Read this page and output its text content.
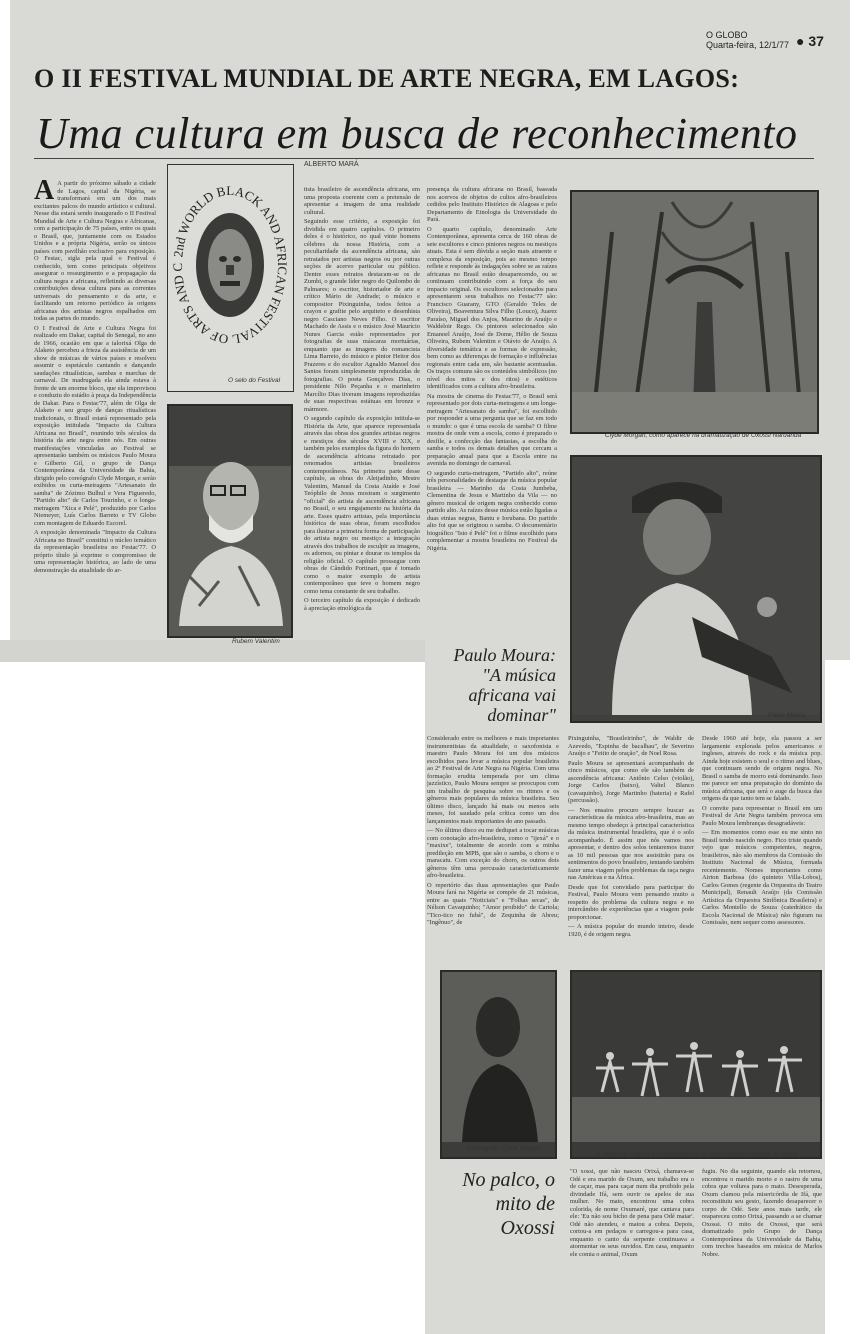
O GLOBO
Quarta-feira, 12/1/77 ● 37
O II FESTIVAL MUNDIAL DE ARTE NEGRA, EM LAGOS:
Uma cultura em busca de reconhecimento
ALBERTO MARÁ

A A partir do próximo sábado a cidade de Lagos, capital da Nigéria, se transformará em um dos mais excitantes palcos do mundo artístico e cultural. Nesse dia estará sendo inaugurado o II Festival Mundial de Arte e Cultura Negras e Africanas, com a participação de 75 países, entre os quais o Brasil, que, juntamente com os Estados Unidos e a própria Nigéria, serão os únicos países com pavilhão exclusivo para exposição. O Festac, sigla pela qual o Festival é conhecido, tem como principais objetivos assegurar o ressurgimento e a propagação da cultura negra e africana, refletindo as diversas contribuições dessa cultura para as correntes universais do pensamento e da arte, e facilitando um retorno periódico às origens africanas dos artistas negros espalhados em todas as partes do mundo.

O I Festival de Arte e Cultura Negra foi realizado em Dakar, capital do Senegal, no ano de 1966, ocasião em que a ialorixá Olga de Alaketo percebeu a frieza da assistência de um show de músicas de vários países e resolveu assumir o espetáculo cantando e dançando saudações ritualísticas, sambas e marchas de carnaval. De madrugada ela ainda estava à frente de um enorme bloco, que ela improvisou e conduziu do estádio à praça da Independência de Dakar. Para o Festac'77, além de Olga de Alaketo e seu grupo de danças ritualísticas tradicionais, o Brasil estará representado pela exposição intitulada "Impacto da Cultura Africana no Brasil", reunindo três séculos da história da arte negra entre nós. Em outras manifestações vinculadas ao Festival se apresentarão também os músicos Paulo Moura e Gilberto Gil, o grupo de Dança Contemporânea da Universidade da Bahia, dirigido pelo coreógrafo Clyde Morgan, e serão exibidos os curta-metragens "Artesanato do samba" de Zózimo Bulbul e Vera Figueredo, "Partido alto" de Carlos Tourinho, e o longa-metragem "Xica e Pelé", produzido por Carlos Niemeyer, Luís Carlos Barreto e TV Globo com montagem de Eduardo Escorel.

A exposição denominada "Impacto da Cultura Africana no Brasil" constitui o núcleo temático da representação brasileira no Festac'77. O próprio título já exprime o compromisso de uma representação histórica, ao lado de uma demonstração da atualidade do ar-

2nd WORLD BLACK AND AFRICAN FESTIVAL OF ARTS AND C
O selo do Festival
Rubem Valentim

tista brasileiro de ascendência africana, em uma proposta coerente com a pretensão de apresentar a imagem de uma realidade cultural.

Seguindo esse critério, a exposição foi dividida em quatro capítulos. O primeiro deles é o histórico, no qual vinte homens célebres da nossa História, com a peculiaridade da ascendência africana, são retratados por artistas negros ou por outras seções de acervo particular ou público. Dentre esses retratos destacam-se os de Zumbi, o grande líder negro do Quilombo de Palmares; o escritor, historiador de arte e crítico Mário de Andrade; o músico e compositor Pixinguinha, todos feitos a crayon e grafite pelo arquiteto e desenhista negro Casciano Neves Filho. O escritor Machado de Assis e o músico José Maurício Nunes Garcia estão representados por fotografias de suas máscaras mortuárias, enquanto que as imagens do romancista Lima Barreto, do músico e pintor Heitor dos Prazeres e do escultor Agnaldo Manoel dos Santos foram simplesmente reproduzidas de fotografias. O poeta Gonçalves Dias, o presidente Nilo Peçanha e o marinheiro Marcílio Dias tiveram imagens reproduzidas de suas respectivas estátuas em bronze e mármore.

O segundo capítulo da exposição intitula-se História da Arte, que aparece representada através das obras dos grandes artistas negros e mestiços dos séculos XVIII e XIX, e também pelos exemplos da figura do homem de ascendência africana retratado por renomados artistas brasileiros contemporâneos. Na primeira parte desse capítulo, as obras do Aleijadinho, Mestre Valentim, Manuel da Costa Ataíde e José Teóphilo de Jesus mostram o surgimento "oficial" do artista de ascendência africana no Brasil, o seu engajamento na história da arte. Esses quatro artistas, pela importância histórica de suas obras, foram escolhidos para ilustrar a primeira forma de participação do artista negro ou mestiço: a integração através dos trabalhos de esculpir as imagens, os adornos, ou pintar e dourar os templos da religião oficial. O capítulo prossegue com obras de Cândido Portinari, que é tomado como o maior exemplo de artista contemporâneo que teve o homem negro como tema constante de seu trabalho.

O terceiro capítulo da exposição é dedicado à apreciação etnológica da

presença da cultura africana no Brasil, baseada nos acervos de objetos de cultos afro-brasileiros cedidos pelo Instituto Histórico de Alagoas e pelo Departamento de Etnologia da Universidade do Pará.

O quarto capítulo, denominado Arte Contemporânea, apresenta cerca de 160 obras de sete escultores e cinco pintores negros ou mestiços atuais. Esta é sem dúvida a seção mais atraente e complexa da exposição, pois ao mesmo tempo reflete e responde às indagações sobre se as raízes africanas no Brasil estão desaparecendo, ou se continuam contribuindo com a força do seu impacto original. Os escultores selecionados para apresentarem seus trabalhos no Festac'77 são: Francisco Guarany, GTO (Geraldo Teles de Oliveira), Boaventura Silva Filho (Louco), Juarez Paraíso, Miguel dos Anjos, Maurino de Araújo e Waldeloir Rego. Os pintores selecionados são Emanoel Araújo, José de Dome, Hélio de Souza Oliveira, Rubem Valentim e Otávio de Araújo. A diversidade temática e as formas de expressão, bem como as diferenças de formação e influências regionais entre cada um, são bastante acentuadas. Os traços comuns são os conteúdos simbólicos (no nível dos mitos e dos ritos) e estéticos identificados com a cultura afro-brasileira.

Na mostra de cinema do Festac'77, o Brasil será representado por dois curta-metragens e um longa-metragem "Artesanato do samba", foi escolhido por responder a uma pergunta que se faz em todo o mundo: o que é uma escola de samba? O filme mostra de onde vem a escola, como é preparado o desfile, a confecção das fantasias, a escolha do samba e todos os demais detalhes que cercam a preparação anual para que a Escola entre na avenida no domingo de carnaval.

O segundo curta-metragem, "Partido alto", reúne três personalidades de destaque da música popular brasileira — Marinho da Costa Jumbeba, Clementina de Jesus e Martinho da Vila — no gênero musical de origem negra conhecido como partido alto. As raízes desse música estão ligadas a duas etnias negras, Bantu e Iorubana. Do partido alto foi que se originou o samba. O documentário biográfico "Isto é Pelé" foi o filme escolhido para complementar a mostra brasileira no Festival da Nigéria.

Clyde Morgan, como aparece na dramatização de Oxossi Naruanda
Paulo Moura
Paulo Moura:
"A música africana vai dominar"

Considerado entre os melhores e mais importantes instrumentistas da atualidade, o saxofonista e maestro Paulo Moura foi um dos músicos escolhidos para levar a música popular brasileira ao 2º Festival de Arte Negra na Nigéria. Com uma formação erudita temperada por um clima jazzístico, Paulo Moura sempre se preocupou com um trabalho de pesquisa sobre os ritmos e os gêneros mais populares da música brasileira. Seu último disco, lançado há mais ou menos seis meses, foi saudado pela crítica como um dos lançamentos mais importantes do ano passado.

— No último disco eu me dediquei a tocar músicas com conotação afro-brasileira, como o "ijexá" e o "maxixe", totalmente de acordo com a minha predileção em MPB, que são o samba, o choro e o maracatu. Com exceção do choro, os outros dois gêneros têm uma percussão característicamente afro-brasileira.

O repertório das duas apresentações que Paulo Moura fará na Nigéria se compõe de 21 músicas, entre as quais "Noticiais" e "Folhas secas", de Nélson Cavaquinho; "Amor proibido" de Cartola; "Tico-tico no fubá", de Zequinha de Abreu; "Ingênuo", de

Pixinguinha, "Brasileirinho", de Waldir de Azevedo, "Espinha de bacalhau", de Severino Araújo e "Feitio de oração", de Noel Rosa.

Paulo Moura se apresentará acompanhado de cinco músicos, que como ele são também de ascendência africana: Antônio Celso (violão), Jorge Carlos (baixo), Valtel Blanco (cavaquinho), Jorge Martinho (bateria) e Rafel (percussão).

— Nos ensaios procuro sempre buscar as características da música afro-brasileira, mas ao mesmo tempo obedeço à principal característica da música instrumental brasileira, que é o solo acompanhado. É assim que nós vamos nos apresentar, e dentro dos solos tentaremos trazer as 10 mil pessoas que nos assistirão para os sentimentos do povo brasileiro, tentando também fazer uma viagem pelos problemas da raça negra nas Américas e na África.

Desde que foi convidado para participar do Festival, Paulo Moura vem pensando muito a respeito do problema da cultura negra e no intercâmbio de experiências que a viagem pode proporcionar.

— A música popular do mundo inteiro, desde 1920, é de origem negra.

Desde 1960 até hoje, ela passou a ser largamente explorada pelos americanos e ingleses, através do rock e da música pop. Ainda hoje existem o soul e o ritmo and blues, que continuam sendo de origem negra. No Brasil o samba de morro está dominando. Isso me parece ser uma preparação do domínio da música africana, que será o auge da busca das origens da que tanto tem se falado.

O convite para representar o Brasil em um Festival de Arte Negra também provoca em Paulo Moura lembranças desagradáveis:

— Em momentos como esse eu me sinto no Brasil tendo nascido negro. Fico triste quando vejo que músicos competentes, negros, brasileiros, não são membros da Comissão do Instituto Nacional de Música, formada recentemente. Nomes importantes como Airton Barbosa (do quinteto Villa-Lobos), Carlos Gomes (regente da Orquestra do Teatro Municipal), Renault Araújo (da Comissão Artística da Orquestra Sinfônica Brasileira) e Carlos Montello de Souza (catedrático da Escola Nacional de Música) não figuram na Comissão, nem sequer como assessores.

Coreógrafo Clyde Morgan
O Grupo de Dança Contemporânea da Universidade Federal da Bahia
No palco, o mito de Oxossi

"O xossi, que não nasceu Orixá, chamava-se Odé e era marido de Oxum, seu trabalho era o de caçar, mas para caçar num dia proibido pela divindade Ifá, sem ouvir os apelos de sua mulher. No mato, encontrou uma cobra colorida, de nome Oxumaré, que cantava para ele: 'Eu não sou bicho de pena para Odé matar'. Odé não atendeu, e matou a cobra. Depois, cortou-a em pedaços e carregou-a para casa, enquanto o canto da serpente continuava a atormentar os seus ouvidos. Em casa, enquanto ele comia o animal, Oxum

fugiu. No dia seguinte, quando ela retornou, encontrou o marido morto e o rastro de uma cobra que voltava para o mato. Desesperada, Oxum clamou pela misericórdia de Ifá, que reconstituiu seu gesto, fazendo desaparecer o corpo de Odé. Sete anos mais tarde, ele reapareceu como Orixá, passando a se chamar Oxossi. O mito de Oxossi, que será dramatizado pelo Grupo de Dança Contemporânea da Universidade da Bahia, com trechos baseados em música de Marlos Nobre.
